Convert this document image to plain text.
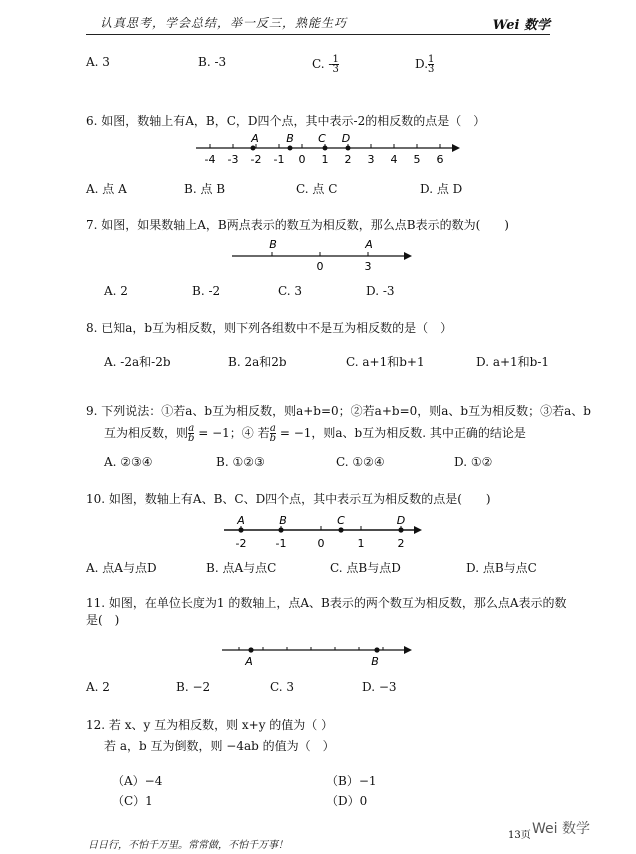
认真思考，学会总结，举一反三，熟能生巧	Wei 数学
A. 3	B. -3	C. - $\frac{1}{3}$	D. $\frac{1}{3}$
6. 如图，数轴上有A，B，C，D四个点，其中表示-2的相反数的点是（　）
-4 -3 -2 -1 0 1 2 3 4 5 6
A B C D
A. 点 A	B. 点 B	C. 点 C	D. 点 D
7. 如图，如果数轴上A，B两点表示的数互为相反数，那么点B表示的数为(　　)
B	A
0	3
A. 2	B. -2	C. 3	D. -3
8. 已知a，b互为相反数，则下列各组数中不是互为相反数的是（　）
A. -2a和-2b	B. 2a和2b	C. a+1和b+1	D. a+1和b-1
9. 下列说法：①若a、b互为相反数，则a+b=0；②若a+b=0，则a、b互为相反数；③若a、b
互为相反数，则 $\frac{a}{b} = -1$；④ 若 $\frac{a}{b} = -1$，则a、b互为相反数. 其中正确的结论是
A. ②③④	B. ①②③	C. ①②④	D. ①②
10. 如图，数轴上有A、B、C、D四个点，其中表示互为相反数的点是(　　)
A	B	C	D
-2	-1	0	1	2
A. 点A与点D	B. 点A与点C	C. 点B与点D	D. 点B与点C
11. 如图，在单位长度为1 的数轴上，点A、B表示的两个数互为相反数，那么点A表示的数
是(　)
A	B
A. 2	B. −2	C. 3	D. −3
12. 若 x、y 互为相反数，则 x+y 的值为（ ）
若 a，b 互为倒数，则 −4ab 的值为（　）
（A）−4	（B）−1
（C）1	（D）0
日日行，不怕千万里。常常做，不怕千万事！
13页 Wei 数学
